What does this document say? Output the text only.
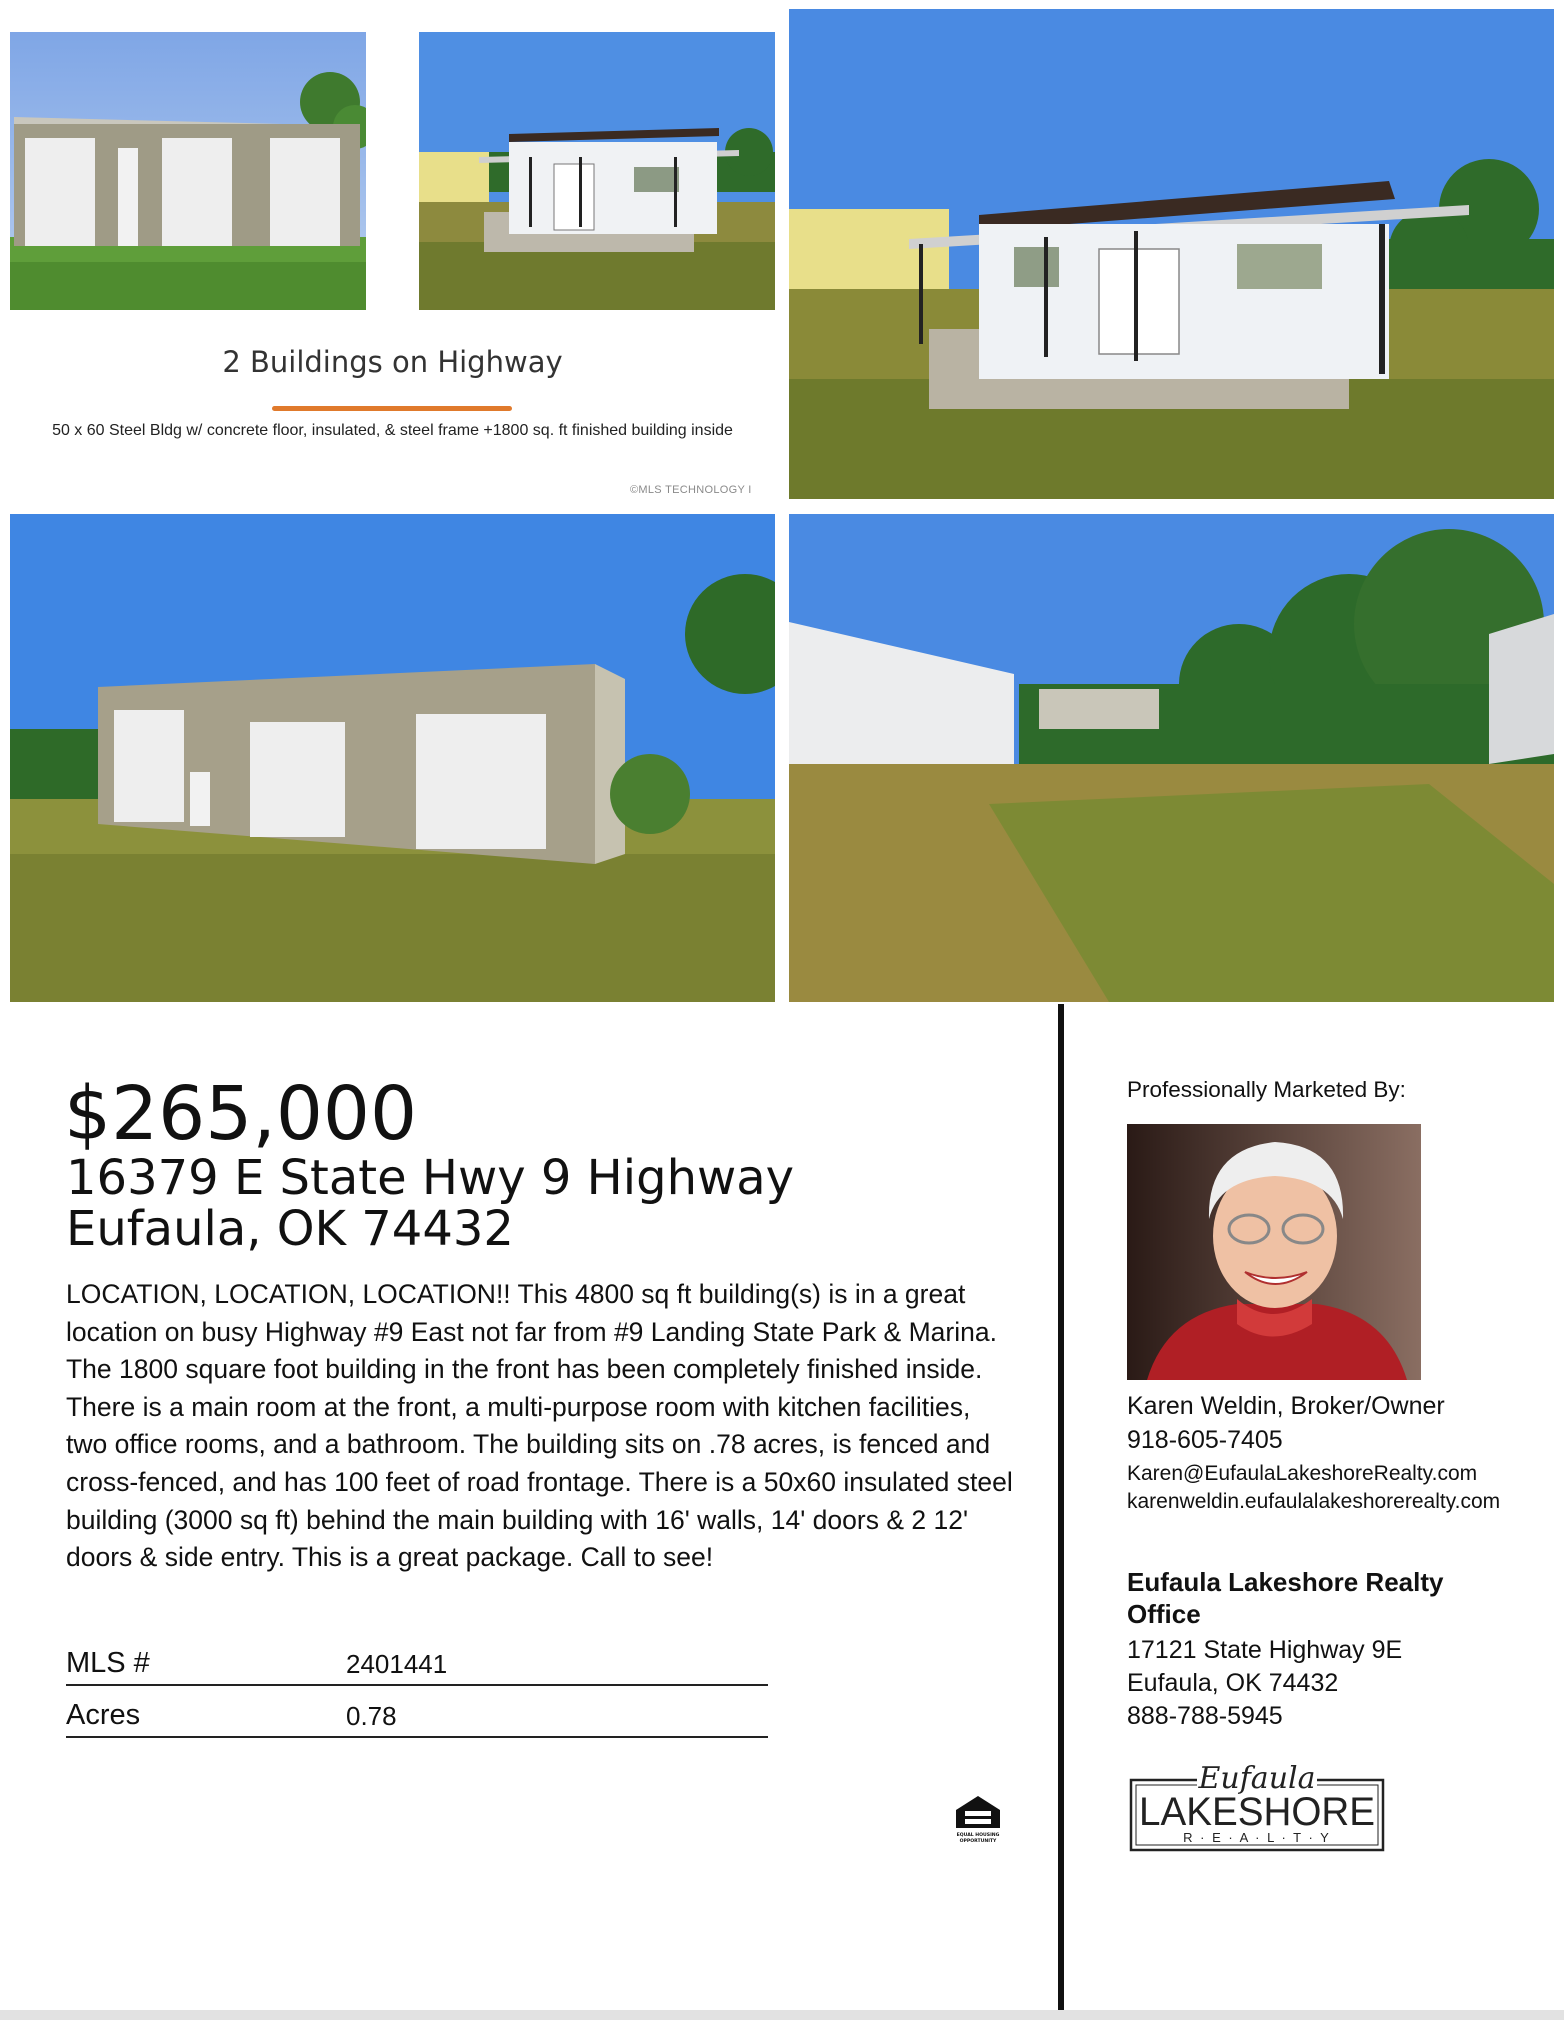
2 Buildings on Highway
50 x 60 Steel Bldg w/ concrete floor, insulated, & steel frame +1800 sq. ft finished building inside
©MLS TECHNOLOGY I
$265,000
16379 E State Hwy 9 Highway
Eufaula, OK 74432
LOCATION, LOCATION, LOCATION!! This 4800 sq ft building(s) is in a great location on busy Highway #9 East not far from #9 Landing State Park & Marina. The 1800 square foot building in the front has been completely finished inside. There is a main room at the front, a multi-purpose room with kitchen facilities, two office rooms, and a bathroom. The building sits on .78 acres, is fenced and cross-fenced, and has 100 feet of road frontage. There is a 50x60 insulated steel building (3000 sq ft) behind the main building with 16' walls, 14' doors & 2 12' doors & side entry. This is a great package. Call to see!
MLS #	2401441
Acres	0.78
EQUAL HOUSING
OPPORTUNITY
Professionally Marketed By:
Karen Weldin, Broker/Owner
918-605-7405
Karen@EufaulaLakeshoreRealty.com
karenweldin.eufaulalakeshorerealty.com
Eufaula Lakeshore Realty Office
17121 State Highway 9E
Eufaula, OK 74432
888-788-5945
Eufaula
LAKESHORE
R · E · A · L · T · Y
